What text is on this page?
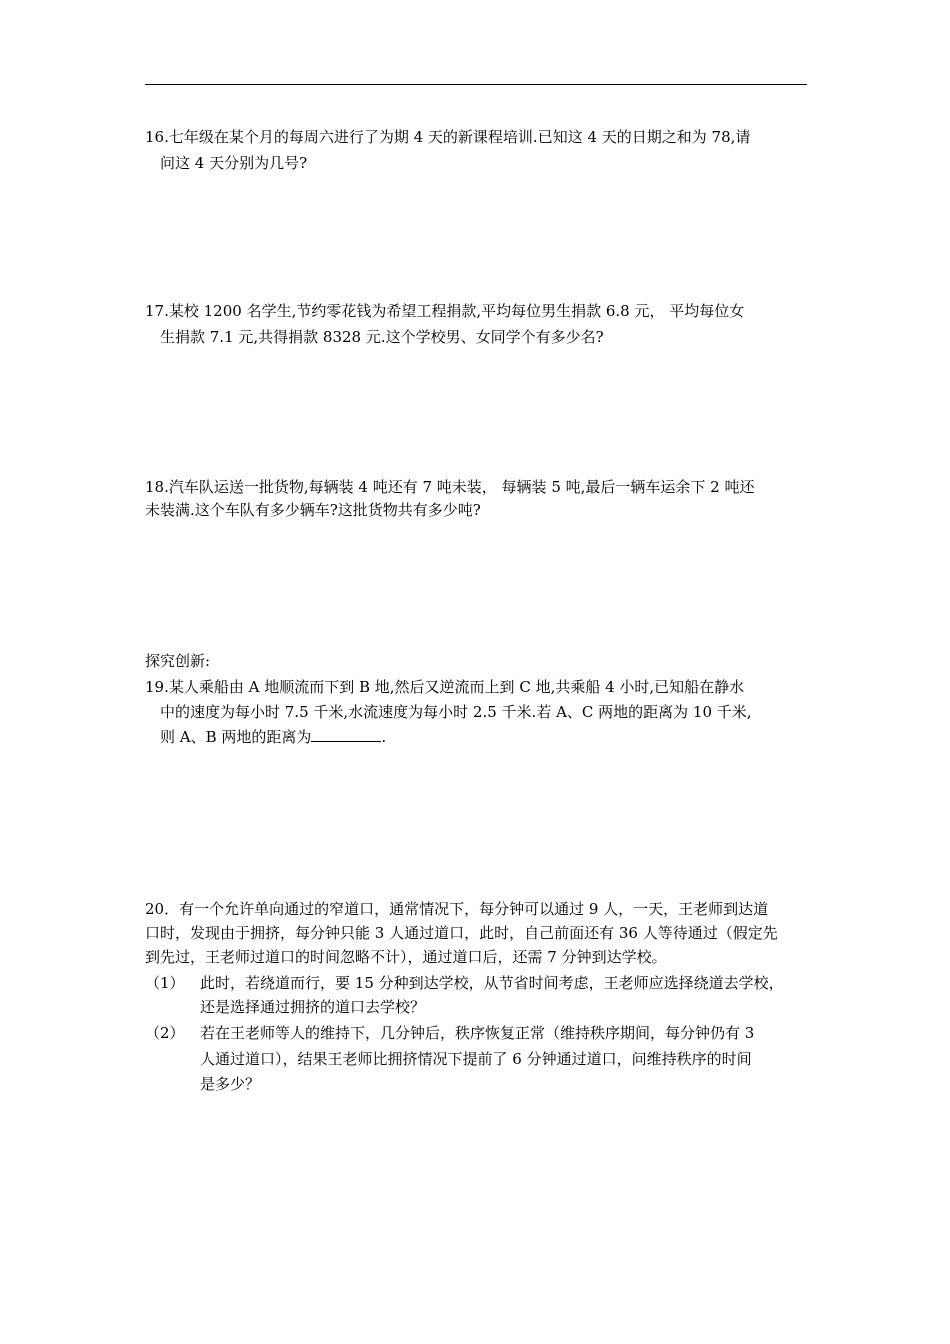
16.七年级在某个月的每周六进行了为期 4 天的新课程培训.已知这 4 天的日期之和为 78,请
问这 4 天分别为几号?
17.某校 1200 名学生,节约零花钱为希望工程捐款,平均每位男生捐款 6.8 元， 平均每位女
生捐款 7.1 元,共得捐款 8328 元.这个学校男、女同学个有多少名?
18.汽车队运送一批货物,每辆装 4 吨还有 7 吨未装， 每辆装 5 吨,最后一辆车运余下 2 吨还
未装满.这个车队有多少辆车?这批货物共有多少吨?
探究创新:
19.某人乘船由 A 地顺流而下到 B 地,然后又逆流而上到 C 地,共乘船 4 小时,已知船在静水
中的速度为每小时 7.5 千米,水流速度为每小时 2.5 千米.若 A、C 两地的距离为 10 千米,
则 A、B 两地的距离为	.
20．有一个允许单向通过的窄道口，通常情况下，每分钟可以通过 9 人，一天，王老师到达道
口时，发现由于拥挤，每分钟只能 3 人通过道口，此时，自己前面还有 36 人等待通过（假定先
到先过，王老师过道口的时间忽略不计），通过道口后，还需 7 分钟到达学校。
（1） 此时，若绕道而行，要 15 分种到达学校，从节省时间考虑，王老师应选择绕道去学校，
还是选择通过拥挤的道口去学校？
（2） 若在王老师等人的维持下，几分钟后，秩序恢复正常（维持秩序期间，每分钟仍有 3
人通过道口），结果王老师比拥挤情况下提前了 6 分钟通过道口，问维持秩序的时间
是多少？
